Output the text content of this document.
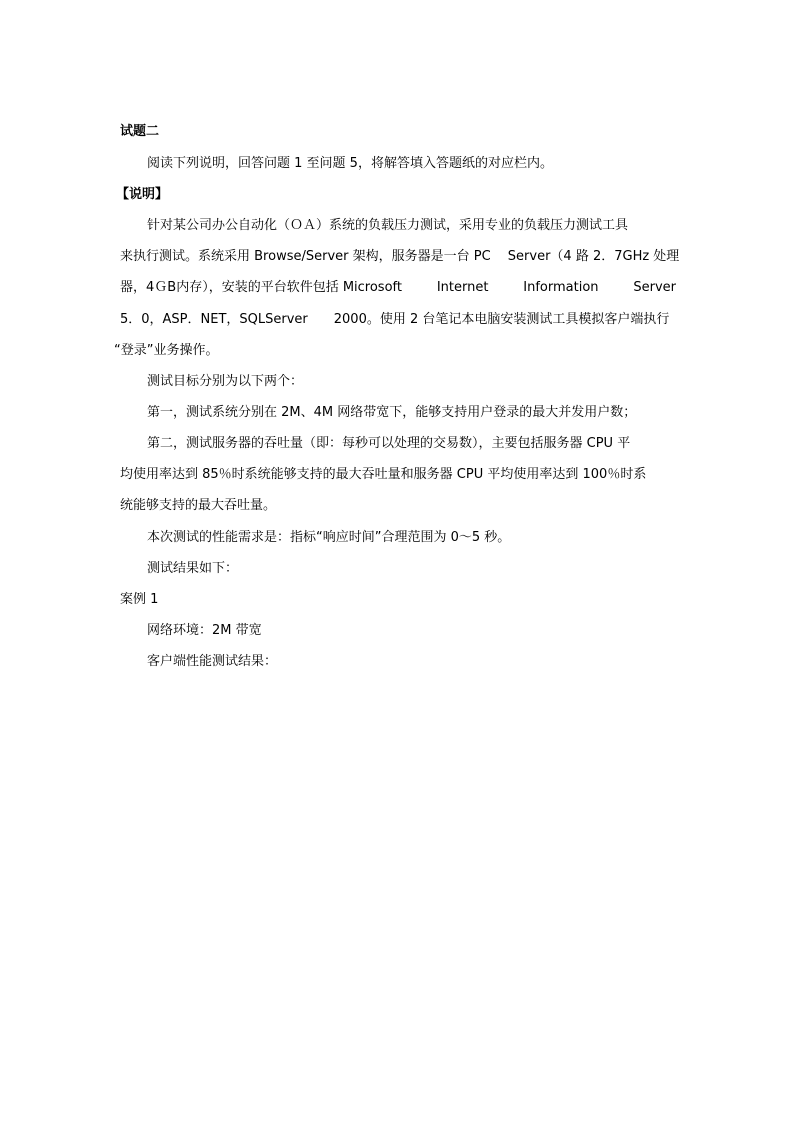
试题二
阅读下列说明，回答问题 1 至问题 5，将解答填入答题纸的对应栏内。
【说明】
针对某公司办公自动化（ＯＡ）系统的负载压力测试，采用专业的负载压力测试工具
来执行测试。系统采用 Browse/Server 架构，服务器是一台 PC　 Server（4 路 2．7GHz 处理
器，4ＧB内存），安装的平台软件包括 Microsoft	Internet	Information	Server
5．0，ASP．NET，SQLServer　　2000。使用 2 台笔记本电脑安装测试工具模拟客户端执行
“登录”业务操作。
测试目标分别为以下两个：
第一，测试系统分别在 2M、4M 网络带宽下，能够支持用户登录的最大并发用户数；
第二，测试服务器的吞吐量（即：每秒可以处理的交易数），主要包括服务器 CPU 平
均使用率达到 85％时系统能够支持的最大吞吐量和服务器 CPU 平均使用率达到 100％时系
统能够支持的最大吞吐量。
本次测试的性能需求是：指标“响应时间”合理范围为 0～5 秒。
测试结果如下：
案例 1
网络环境：2M 带宽
客户端性能测试结果：
